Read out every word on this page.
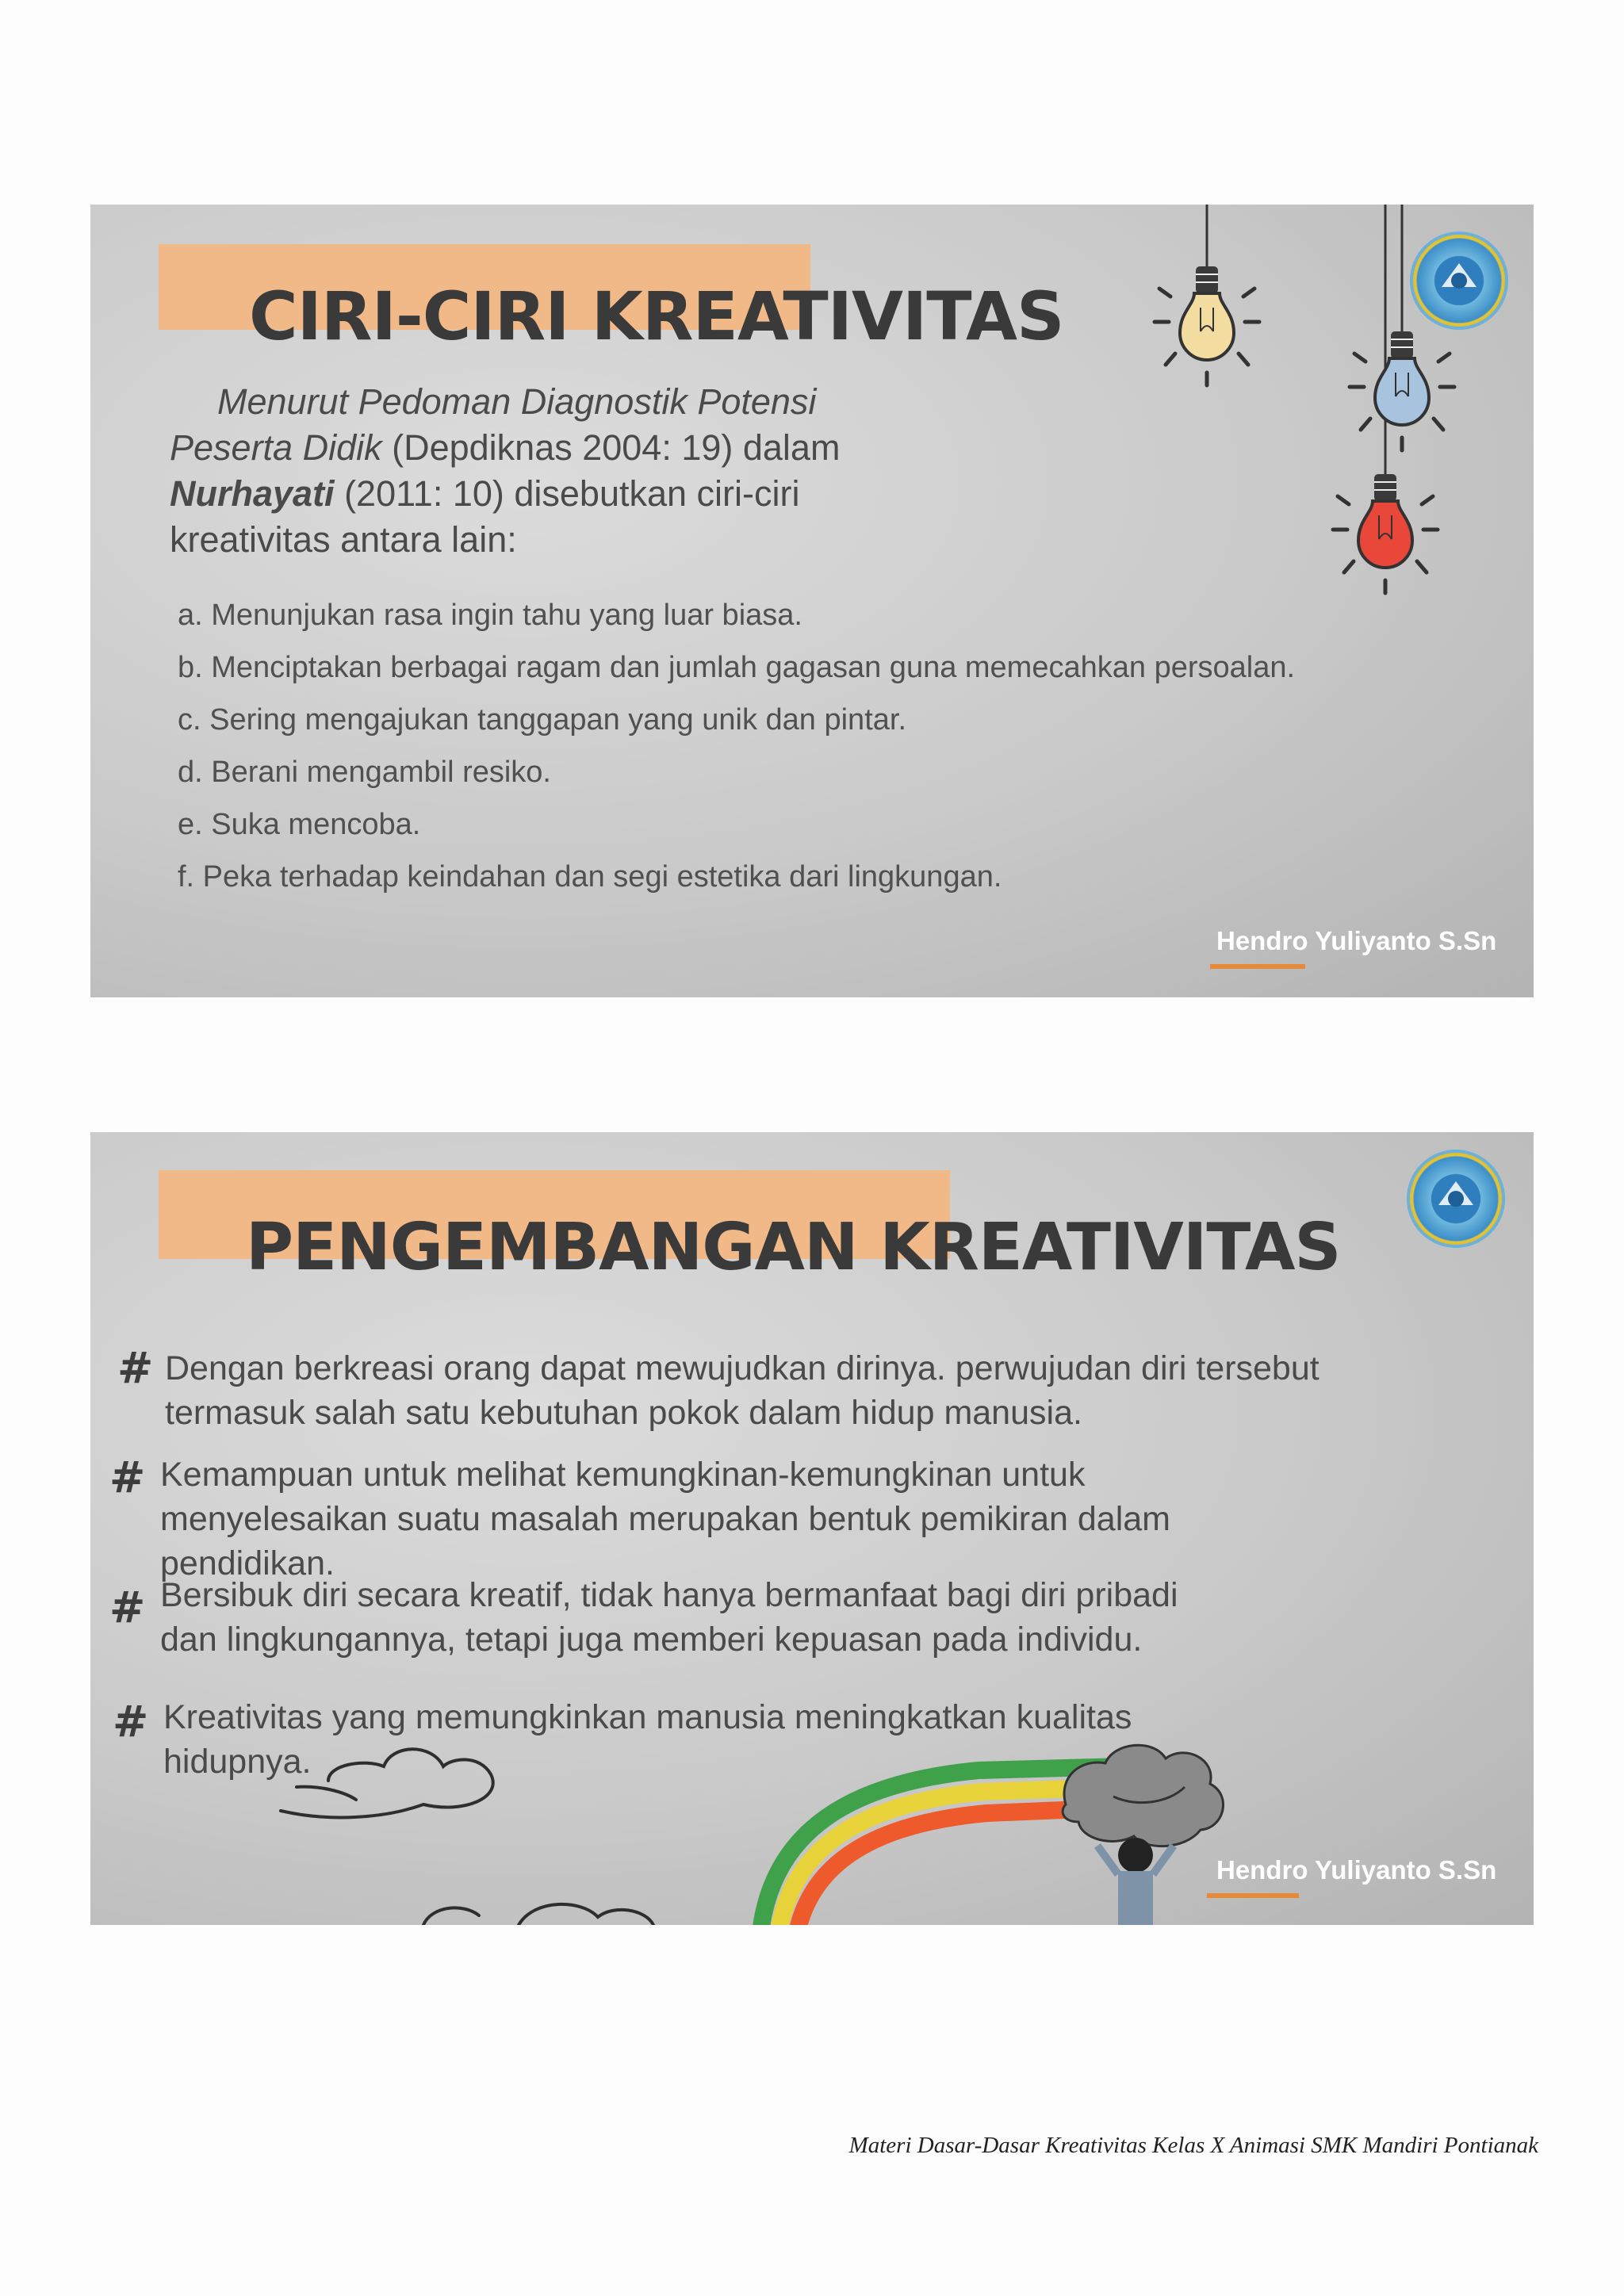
CIRI-CIRI KREATIVITAS
Menurut Pedoman Diagnostik Potensi
Peserta Didik (Depdiknas 2004: 19) dalam
Nurhayati (2011: 10) disebutkan ciri-ciri
kreativitas antara lain:
a. Menunjukan rasa ingin tahu yang luar biasa.
b. Menciptakan berbagai ragam dan jumlah gagasan guna memecahkan persoalan.
c. Sering mengajukan tanggapan yang unik dan pintar.
d. Berani mengambil resiko.
e. Suka mencoba.
f. Peka terhadap keindahan dan segi estetika dari lingkungan.
Hendro Yuliyanto S.Sn
PENGEMBANGAN KREATIVITAS
# Dengan berkreasi orang dapat mewujudkan dirinya. perwujudan diri tersebut
termasuk salah satu kebutuhan pokok dalam hidup manusia.
# Kemampuan untuk melihat kemungkinan-kemungkinan untuk
menyelesaikan suatu masalah merupakan bentuk pemikiran dalam
pendidikan.
# Bersibuk diri secara kreatif, tidak hanya bermanfaat bagi diri pribadi
dan lingkungannya, tetapi juga memberi kepuasan pada individu.
# Kreativitas yang memungkinkan manusia meningkatkan kualitas
hidupnya.
Hendro Yuliyanto S.Sn
Materi Dasar-Dasar Kreativitas Kelas X Animasi SMK Mandiri Pontianak
